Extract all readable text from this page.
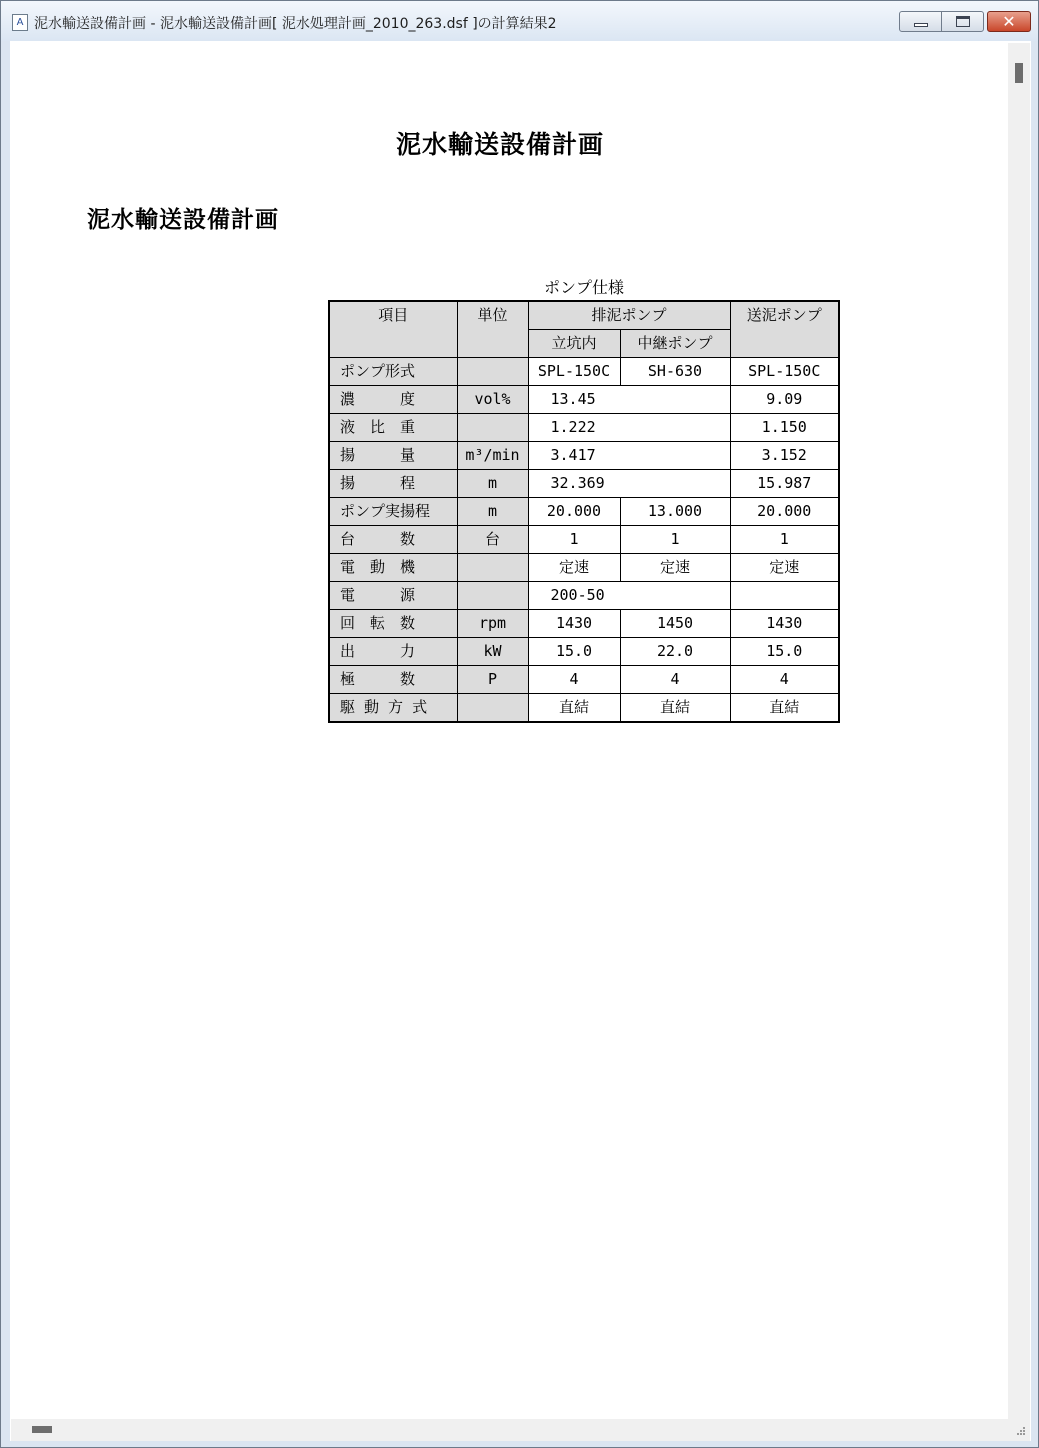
A 泥水輸送設備計画 - 泥水輸送設備計画[ 泥水処理計画_2010_263.dsf ]の計算結果2	✕
泥水輸送設備計画
泥水輸送設備計画
ポンプ仕様
項目	単位	排泥ポンプ		送泥ポンプ
		立坑内	中継ポンプ	
ポンプ形式		SPL-150C	SH-630	SPL-150C
濃　　　度	vol%	13.45		9.09
液　比　重		1.222		1.150
揚　　　量	m³/min	3.417		3.152
揚　　　程	m	32.369		15.987
ポンプ実揚程	m	20.000	13.000	20.000
台　　　数	台	1	1	1
電　動　機		定速	定速	定速
電　　　源		200-50		
回　転　数	rpm	1430	1450	1430
出　　　力	kW	15.0	22.0	15.0
極　　　数	P	4	4	4
駆 動 方 式		直結	直結	直結
